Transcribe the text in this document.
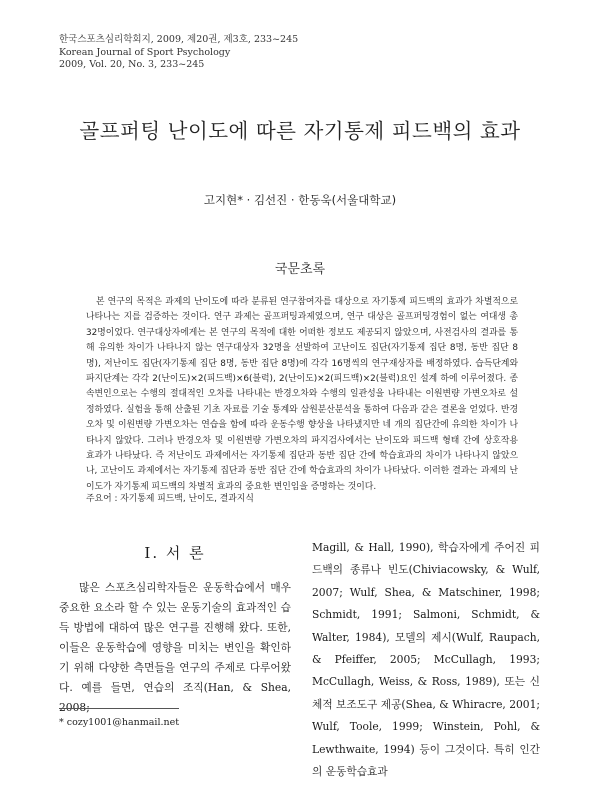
한국스포츠심리학회지, 2009, 제20권, 제3호, 233~245
Korean Journal of Sport Psychology
2009, Vol. 20, No. 3, 233~245
골프퍼팅 난이도에 따른 자기통제 피드백의 효과
고지현* · 김선진 · 한동욱(서울대학교)
국문초록

본 연구의 목적은 과제의 난이도에 따라 분류된 연구참여자를 대상으로 자기통제 피드백의 효과가 차별적으로 나타나는 지를 검증하는 것이다. 연구 과제는 골프퍼팅과제였으며, 연구 대상은 골프퍼팅경험이 없는 여대생 총 32명이었다. 연구대상자에게는 본 연구의 목적에 대한 어떠한 정보도 제공되지 않았으며, 사전검사의 결과를 통해 유의한 차이가 나타나지 않는 연구대상자 32명을 선발하여 고난이도 집단(자기통제 집단 8명, 동반 집단 8명), 저난이도 집단(자기통제 집단 8명, 동반 집단 8명)에 각각 16명씩의 연구재상자를 배정하였다. 습득단계와 파지단계는 각각 2(난이도)×2(피드백)×6(블럭), 2(난이도)×2(피드백)×2(블럭)요인 설계 하에 이루어졌다. 종속변인으로는 수행의 절대적인 오차를 나타내는 반경오차와 수행의 일관성을 나타내는 이원변량 가변오차로 설정하였다. 실험을 통해 산출된 기초 자료를 기술 통계와 삼원분산분석을 통하여 다음과 같은 결론을 얻었다. 반경오차 및 이원변량 가변오차는 연습을 함에 따라 운동수행 향상을 나타냈지만 네 개의 집단간에 유의한 차이가 나타나지 않았다. 그러나 반경오차 및 이원변량 가변오차의 파지검사에서는 난이도와 피드백 형태 간에 상호작용 효과가 나타났다. 즉 저난이도 과제에서는 자기통제 집단과 동반 집단 간에 학습효과의 차이가 나타나지 않았으나, 고난이도 과제에서는 자기통제 집단과 동반 집단 간에 학습효과의 차이가 나타났다. 이러한 결과는 과제의 난이도가 자기통제 피드백의 차별적 효과의 중요한 변인임을 증명하는 것이다.

주요어 : 자기통제 피드백, 난이도, 결과지식
I. 서 론

많은 스포츠심리학자들은 운동학습에서 매우 중요한 요소라 할 수 있는 운동기술의 효과적인 습득 방법에 대하여 많은 연구를 진행해 왔다. 또한, 이들은 운동학습에 영향을 미치는 변인을 확인하기 위해 다양한 측면들을 연구의 주제로 다루어왔다. 예를 들면, 연습의 조직(Han, & Shea, 2008;

Magill, & Hall, 1990), 학습자에게 주어진 피드백의 종류나 빈도(Chiviacowsky, & Wulf, 2007; Wulf, Shea, & Matschiner, 1998; Schmidt, 1991; Salmoni, Schmidt, & Walter, 1984), 모델의 제시(Wulf, Raupach, & Pfeiffer, 2005; McCullagh, 1993; McCullagh, Weiss, & Ross, 1989), 또는 신체적 보조도구 제공(Shea, & Whiracre, 2001; Wulf, Toole, 1999; Winstein, Pohl, & Lewthwaite, 1994) 등이 그것이다. 특히 인간의 운동학습효과

* cozy1001@hanmail.net
